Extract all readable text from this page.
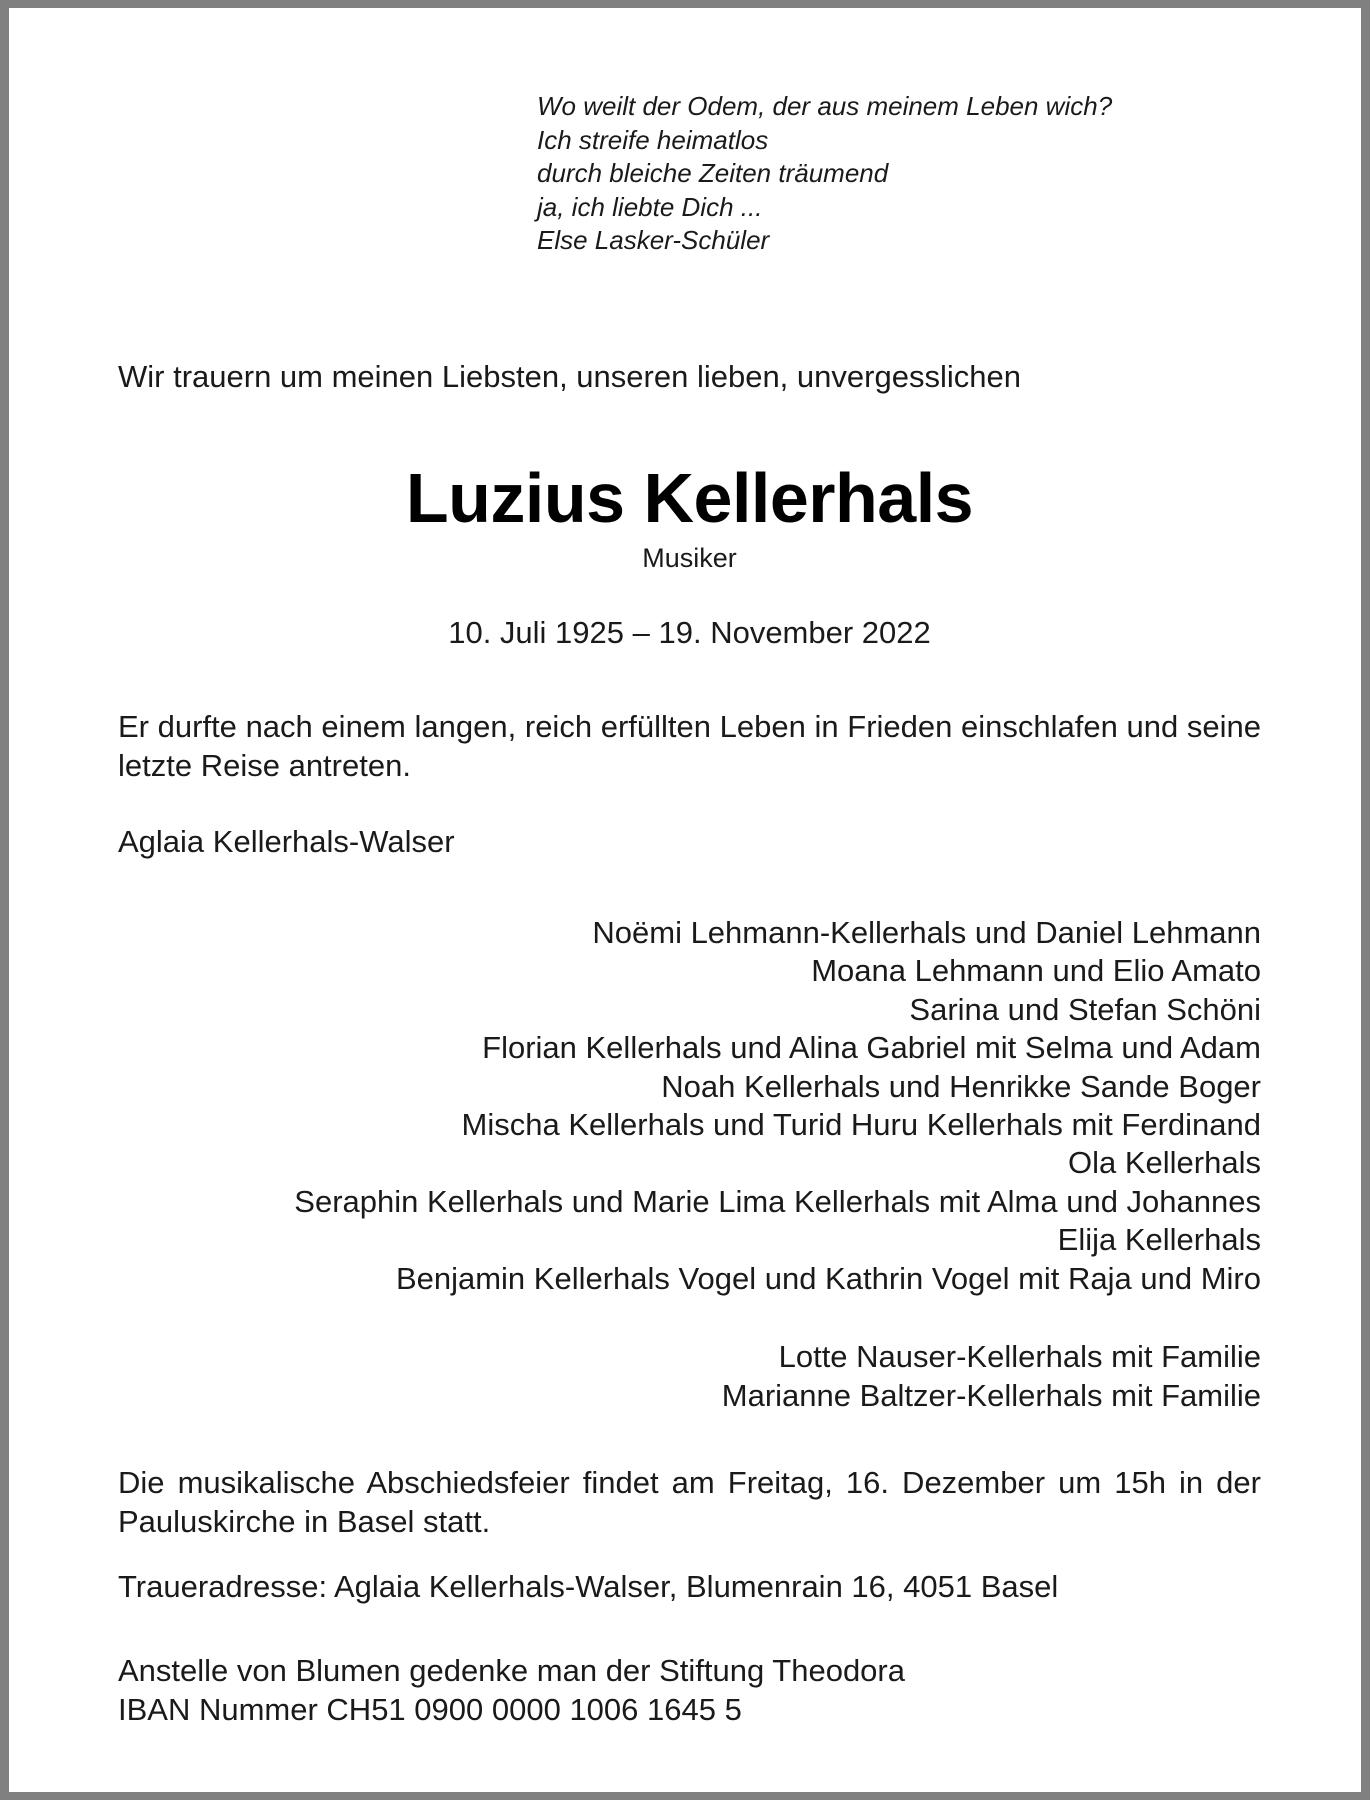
Wo weilt der Odem, der aus meinem Leben wich?
Ich streife heimatlos
durch bleiche Zeiten träumend
ja, ich liebte Dich ...
Else Lasker-Schüler
Wir trauern um meinen Liebsten, unseren lieben, unvergesslichen
Luzius Kellerhals
Musiker
10. Juli 1925 – 19. November 2022
Er durfte nach einem langen, reich erfüllten Leben in Frieden einschlafen und seine letzte Reise antreten.
Aglaia Kellerhals-Walser
Noëmi Lehmann-Kellerhals und Daniel Lehmann
Moana Lehmann und Elio Amato
Sarina und Stefan Schöni
Florian Kellerhals und Alina Gabriel mit Selma und Adam
Noah Kellerhals und Henrikke Sande Boger
Mischa Kellerhals und Turid Huru Kellerhals mit Ferdinand
Ola Kellerhals
Seraphin Kellerhals und Marie Lima Kellerhals mit Alma und Johannes
Elija Kellerhals
Benjamin Kellerhals Vogel und Kathrin Vogel mit Raja und Miro
Lotte Nauser-Kellerhals mit Familie
Marianne Baltzer-Kellerhals mit Familie
Die musikalische Abschiedsfeier findet am Freitag, 16. Dezember um 15h in der Pauluskirche in Basel statt.
Traueradresse: Aglaia Kellerhals-Walser, Blumenrain 16, 4051 Basel
Anstelle von Blumen gedenke man der Stiftung Theodora
IBAN Nummer CH51 0900 0000 1006 1645 5
